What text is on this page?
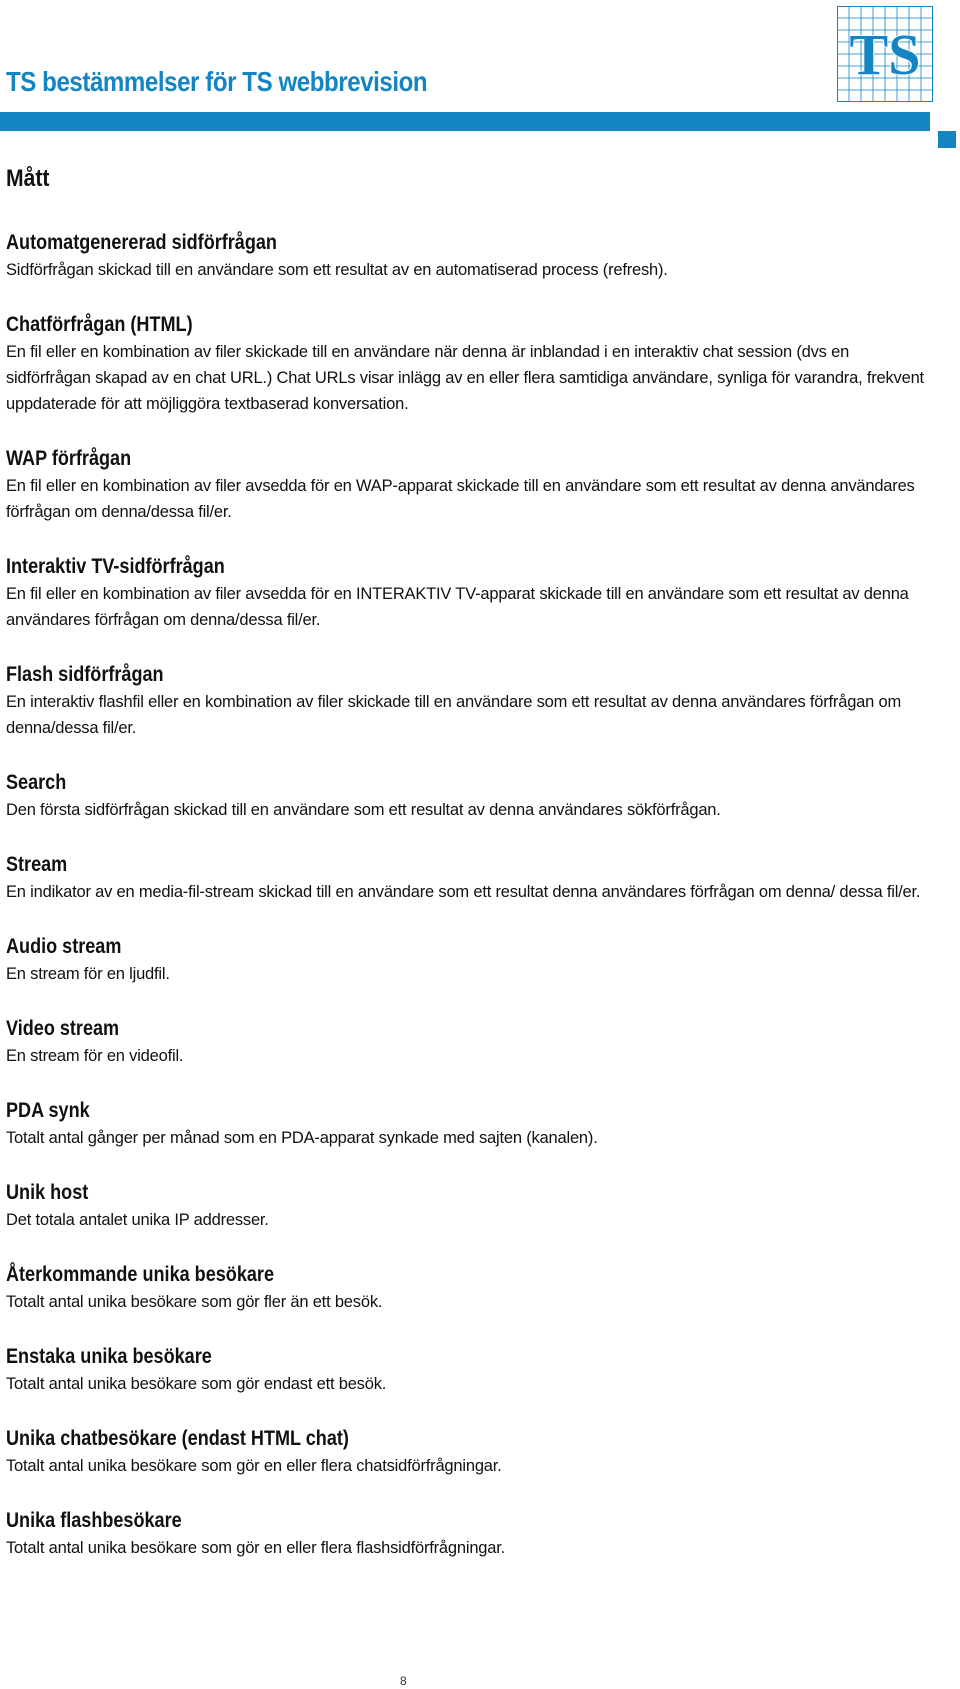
TS
TS bestämmelser för TS webbrevision
Mått
Automatgenererad sidförfrågan

Sidförfrågan skickad till en användare som ett resultat av en automatiserad process (refresh).

Chatförfrågan (HTML)

En fil eller en kombination av filer skickade till en användare när denna är inblandad i en interaktiv chat session (dvs en sidförfrågan skapad av en chat URL.) Chat URLs visar inlägg av en eller flera samtidiga användare, synliga för varandra, frekvent uppdaterade för att möjliggöra textbaserad konversation.

WAP förfrågan

En fil eller en kombination av filer avsedda för en WAP-apparat skickade till en användare som ett resultat av denna användares förfrågan om denna/dessa fil/er.

Interaktiv TV-sidförfrågan

En fil eller en kombination av filer avsedda för en INTERAKTIV TV-apparat skickade till en användare som ett resultat av denna användares förfrågan om denna/dessa fil/er.

Flash sidförfrågan

En interaktiv flashfil eller en kombination av filer skickade till en användare som ett resultat av denna användares förfrågan om denna/dessa fil/er.

Search

Den första sidförfrågan skickad till en användare som ett resultat av denna användares sökförfrågan.

Stream

En indikator av en media-fil-stream skickad till en användare som ett resultat denna användares förfrågan om denna/ dessa fil/er.

Audio stream

En stream för en ljudfil.

Video stream

En stream för en videofil.

PDA synk

Totalt antal gånger per månad som en PDA-apparat synkade med sajten (kanalen).

Unik host

Det totala antalet unika IP addresser.

Återkommande unika besökare

Totalt antal unika besökare som gör fler än ett besök.

Enstaka unika besökare

Totalt antal unika besökare som gör endast ett besök.

Unika chatbesökare (endast HTML chat)

Totalt antal unika besökare som gör en eller flera chatsidförfrågningar.

Unika flashbesökare

Totalt antal unika besökare som gör en eller flera flashsidförfrågningar.

8
